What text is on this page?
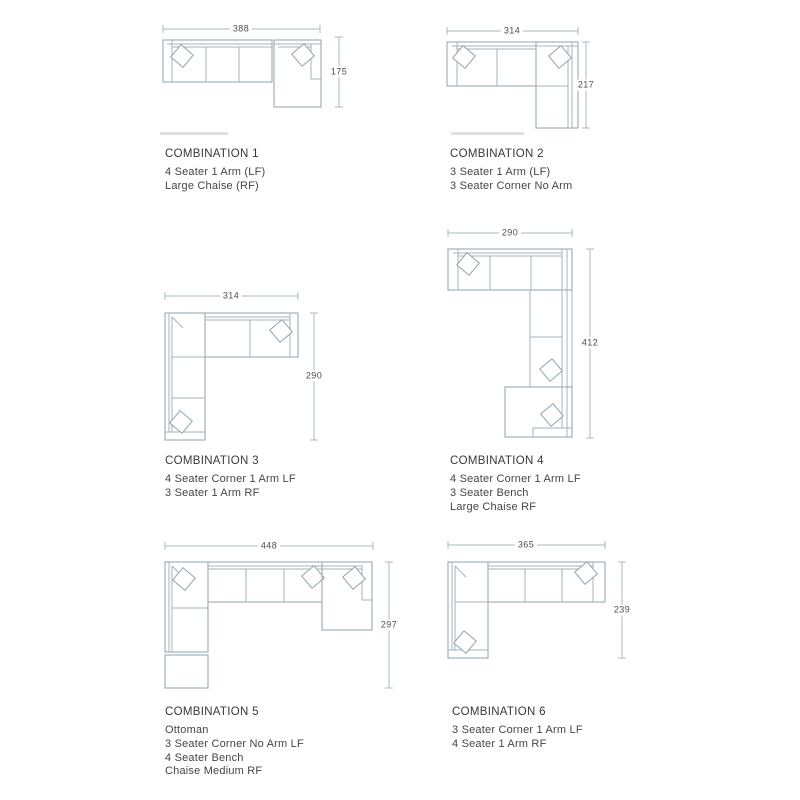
388
175
314
217
314
290
290
412
448
297
365
239
COMBINATION 1
4 Seater 1 Arm (LF)
Large Chaise (RF)
COMBINATION 2
3 Seater 1 Arm (LF)
3 Seater Corner No Arm
COMBINATION 3
4 Seater Corner 1 Arm LF
3 Seater 1 Arm RF
COMBINATION 4
4 Seater Corner 1 Arm LF
3 Seater Bench
Large Chaise RF
COMBINATION 5
Ottoman
3 Seater Corner No Arm LF
4 Seater Bench
Chaise Medium RF
COMBINATION 6
3 Seater Corner 1 Arm LF
4 Seater 1 Arm RF
